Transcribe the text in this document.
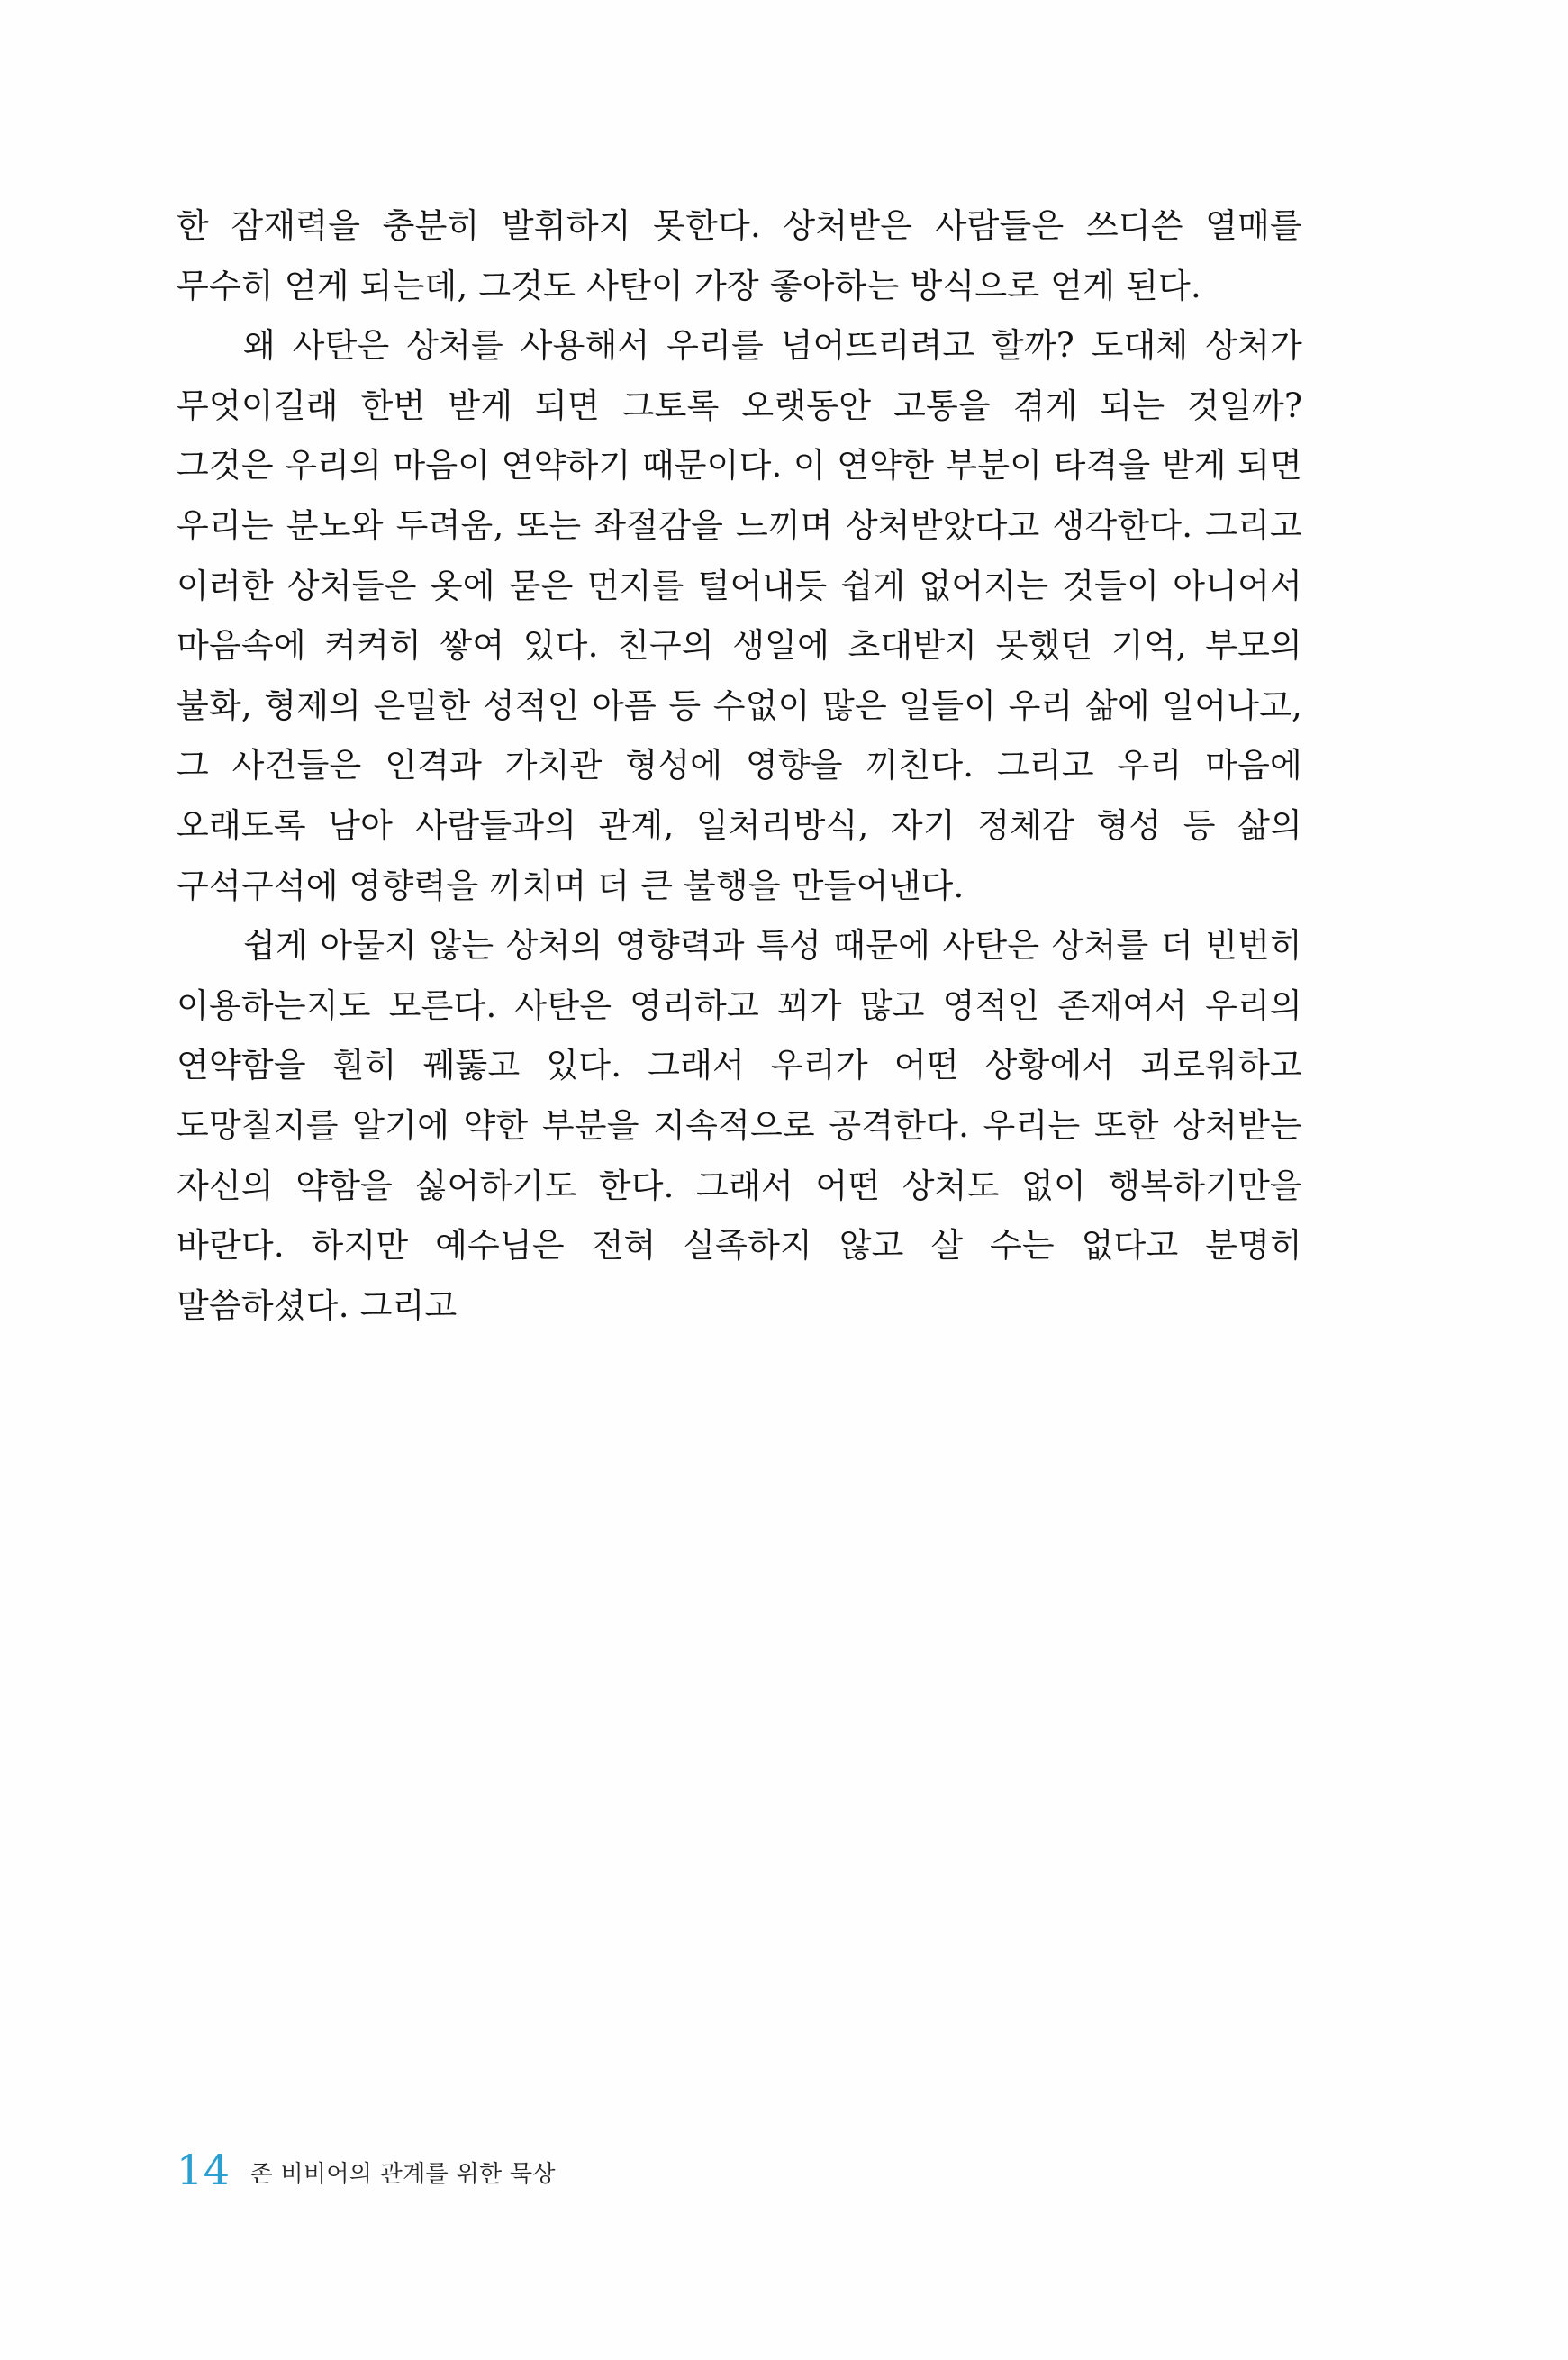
한 잠재력을 충분히 발휘하지 못한다. 상처받은 사람들은 쓰디쓴 열매를 무수히 얻게 되는데, 그것도 사탄이 가장 좋아하는 방식으로 얻게 된다.

왜 사탄은 상처를 사용해서 우리를 넘어뜨리려고 할까? 도대체 상처가 무엇이길래 한번 받게 되면 그토록 오랫동안 고통을 겪게 되는 것일까? 그것은 우리의 마음이 연약하기 때문이다. 이 연약한 부분이 타격을 받게 되면 우리는 분노와 두려움, 또는 좌절감을 느끼며 상처받았다고 생각한다. 그리고 이러한 상처들은 옷에 묻은 먼지를 털어내듯 쉽게 없어지는 것들이 아니어서 마음속에 켜켜히 쌓여 있다. 친구의 생일에 초대받지 못했던 기억, 부모의 불화, 형제의 은밀한 성적인 아픔 등 수없이 많은 일들이 우리 삶에 일어나고, 그 사건들은 인격과 가치관 형성에 영향을 끼친다. 그리고 우리 마음에 오래도록 남아 사람들과의 관계, 일처리방식, 자기 정체감 형성 등 삶의 구석구석에 영향력을 끼치며 더 큰 불행을 만들어낸다.

쉽게 아물지 않는 상처의 영향력과 특성 때문에 사탄은 상처를 더 빈번히 이용하는지도 모른다. 사탄은 영리하고 꾀가 많고 영적인 존재여서 우리의 연약함을 훤히 꿰뚫고 있다. 그래서 우리가 어떤 상황에서 괴로워하고 도망칠지를 알기에 약한 부분을 지속적으로 공격한다. 우리는 또한 상처받는 자신의 약함을 싫어하기도 한다. 그래서 어떤 상처도 없이 행복하기만을 바란다. 하지만 예수님은 전혀 실족하지 않고 살 수는 없다고 분명히 말씀하셨다. 그리고

14 존 비비어의 관계를 위한 묵상
